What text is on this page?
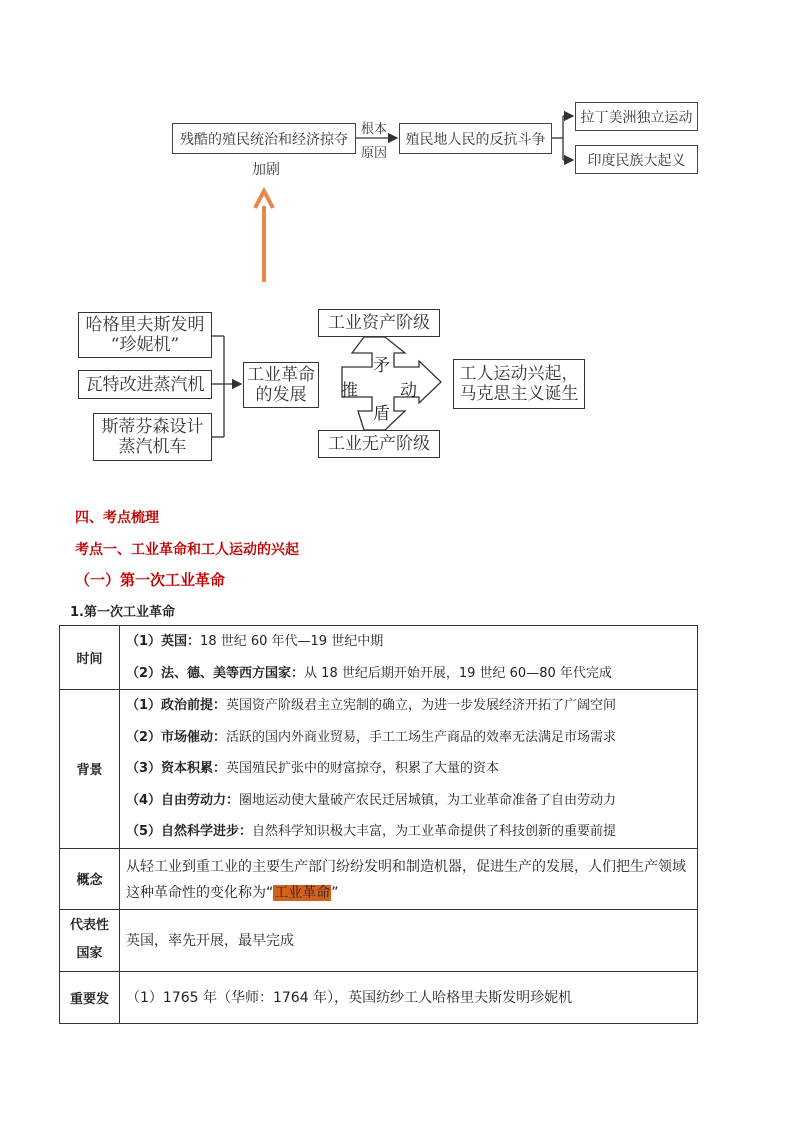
残酷的殖民统治和经济掠夺
根本
原因
殖民地人民的反抗斗争
拉丁美洲独立运动
印度民族大起义
加剧
哈格里夫斯发明
“珍妮机”
瓦特改进蒸汽机
斯蒂芬森设计
蒸汽机车
工业革命
的发展
工业资产阶级
工业无产阶级
矛
盾
推 动
工人运动兴起，
马克思主义诞生
四、考点梳理
考点一、工业革命和工人运动的兴起
（一）第一次工业革命
1.第一次工业革命
时间	（1）英国：18 世纪 60 年代—19 世纪中期
（2）法、德、美等西方国家：从 18 世纪后期开始开展，19 世纪 60—80 年代完成

背景	（1）政治前提：英国资产阶级君主立宪制的确立，为进一步发展经济开拓了广阔空间
（2）市场催动：活跃的国内外商业贸易，手工工场生产商品的效率无法满足市场需求
（3）资本积累：英国殖民扩张中的财富掠夺，积累了大量的资本
（4）自由劳动力：圈地运动使大量破产农民迁居城镇，为工业革命准备了自由劳动力
（5）自然科学进步：自然科学知识极大丰富，为工业革命提供了科技创新的重要前提

概念	从轻工业到重工业的主要生产部门纷纷发明和制造机器，促进生产的发展，人们把生产领域
这种革命性的变化称为“工业革命”

代表性
国家	英国，率先开展，最早完成
重要发	（1）1765 年（华师：1764 年），英国纺纱工人哈格里夫斯发明珍妮机
